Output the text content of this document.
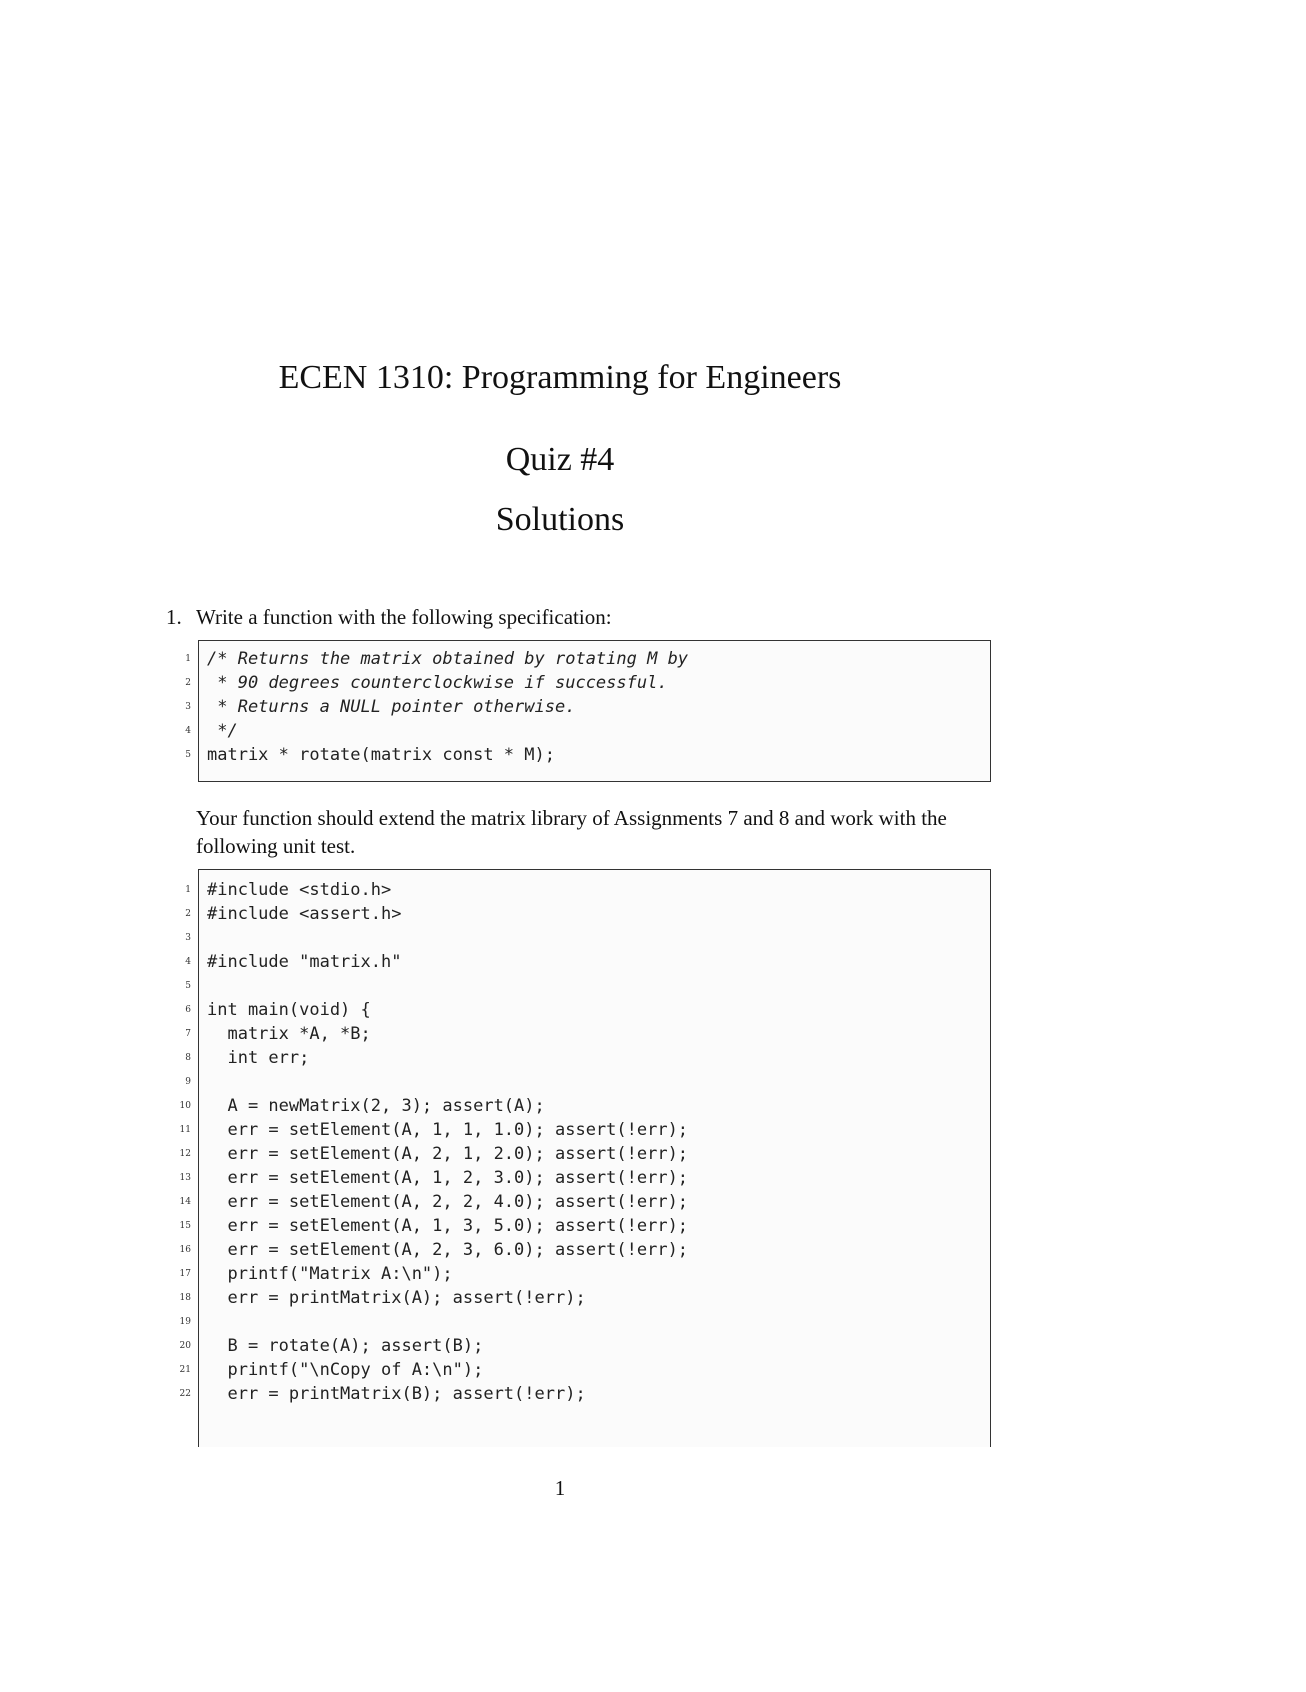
ECEN 1310: Programming for Engineers
Quiz #4
Solutions
1. Write a function with the following specification:
1 /* Returns the matrix obtained by rotating M by
2 * 90 degrees counterclockwise if successful.
3 * Returns a NULL pointer otherwise.
4 */
5 matrix * rotate(matrix const * M);
Your function should extend the matrix library of Assignments 7 and 8 and work with the following unit test.
1 #include <stdio.h>
2 #include <assert.h>
3
4 #include "matrix.h"
5
6 int main(void) {
7 matrix *A, *B;
8 int err;
9
10 A = newMatrix(2, 3); assert(A);
11 err = setElement(A, 1, 1, 1.0); assert(!err);
12 err = setElement(A, 2, 1, 2.0); assert(!err);
13 err = setElement(A, 1, 2, 3.0); assert(!err);
14 err = setElement(A, 2, 2, 4.0); assert(!err);
15 err = setElement(A, 1, 3, 5.0); assert(!err);
16 err = setElement(A, 2, 3, 6.0); assert(!err);
17 printf("Matrix A:\n");
18 err = printMatrix(A); assert(!err);
19
20 B = rotate(A); assert(B);
21 printf("\nCopy of A:\n");
22 err = printMatrix(B); assert(!err);
1
